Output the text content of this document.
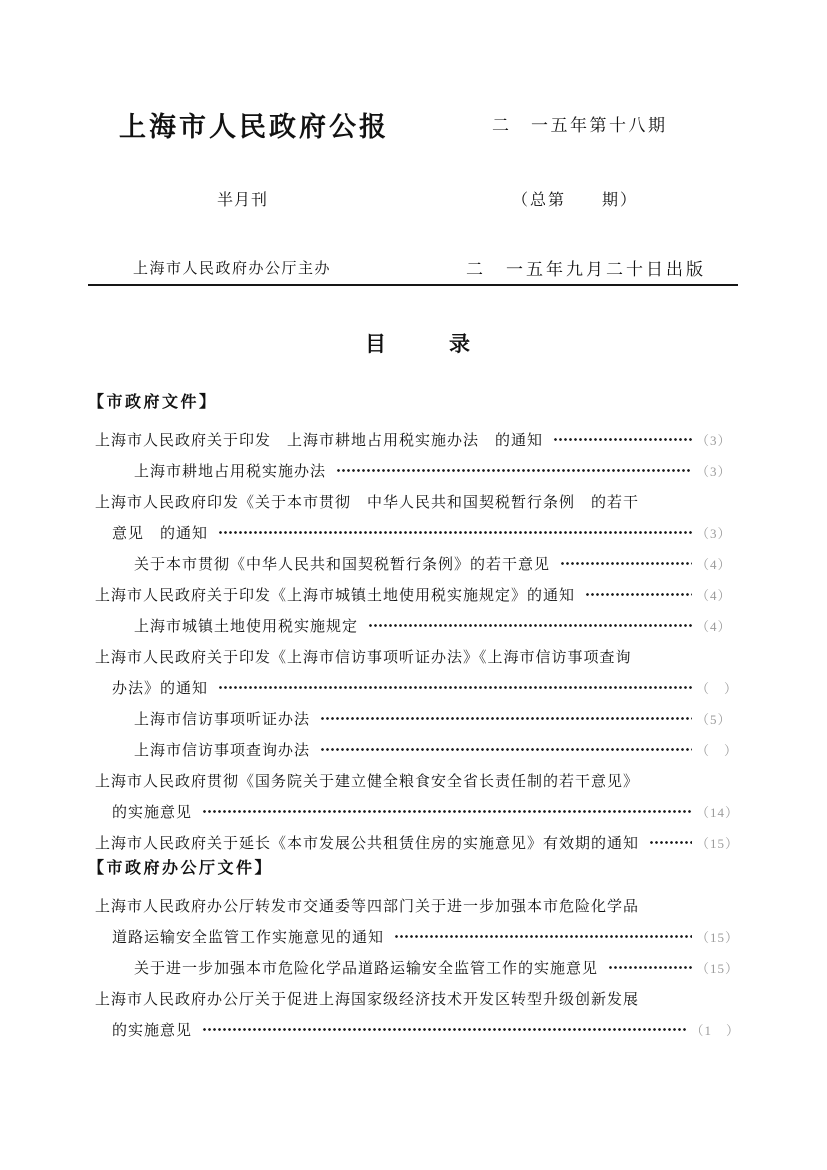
上海市人民政府公报	二　一五年第十八期
半月刊	（总第　　期）
上海市人民政府办公厅主办	二　一五年九月二十日出版
目　　　录
【市政府文件】
上海市人民政府关于印发　上海市耕地占用税实施办法　的通知	（3）
上海市耕地占用税实施办法	（3）
上海市人民政府印发《关于本市贯彻　中华人民共和国契税暂行条例　的若干
意见　的通知	（3）
关于本市贯彻《中华人民共和国契税暂行条例》的若干意见	（4）
上海市人民政府关于印发《上海市城镇土地使用税实施规定》的通知	（4）
上海市城镇土地使用税实施规定	（4）
上海市人民政府关于印发《上海市信访事项听证办法》《上海市信访事项查询
办法》的通知	（　）
上海市信访事项听证办法	（5）
上海市信访事项查询办法	（　）
上海市人民政府贯彻《国务院关于建立健全粮食安全省长责任制的若干意见》
的实施意见	（14）
上海市人民政府关于延长《本市发展公共租赁住房的实施意见》有效期的通知	（15）
【市政府办公厅文件】
上海市人民政府办公厅转发市交通委等四部门关于进一步加强本市危险化学品
道路运输安全监管工作实施意见的通知	（15）
关于进一步加强本市危险化学品道路运输安全监管工作的实施意见	（15）
上海市人民政府办公厅关于促进上海国家级经济技术开发区转型升级创新发展
的实施意见	（1　）
